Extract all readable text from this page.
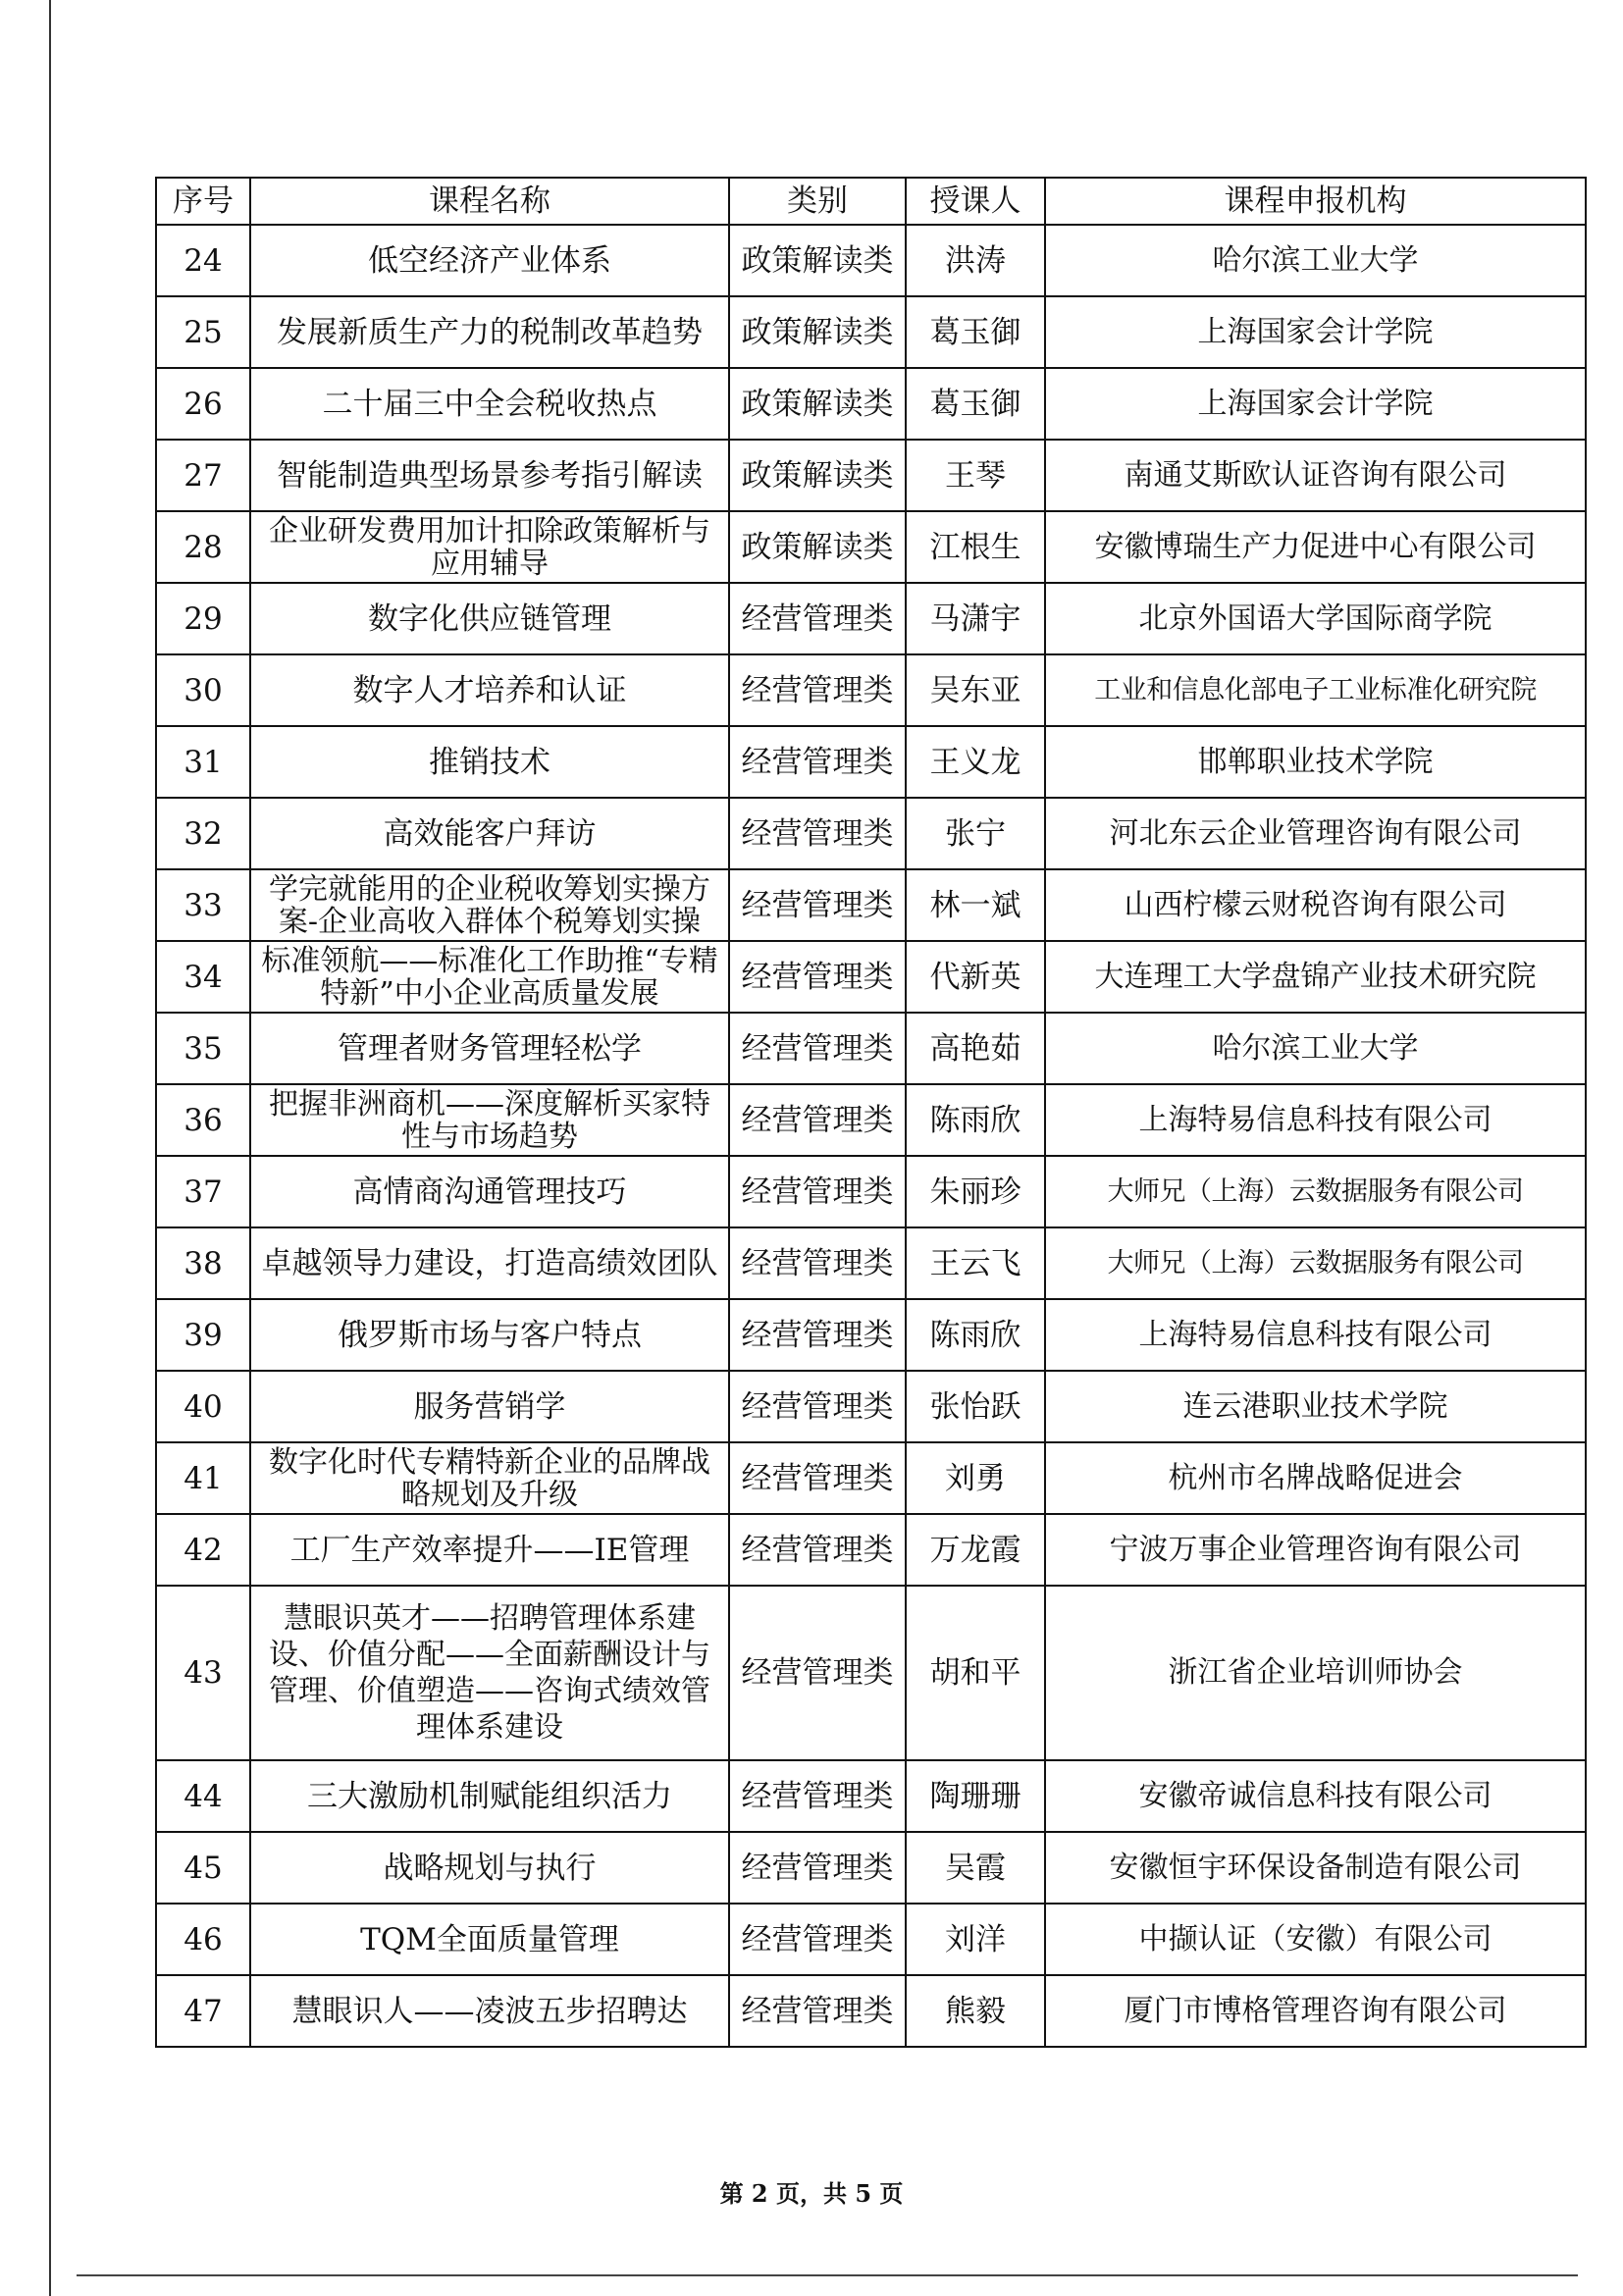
序号	课程名称	类别	授课人	课程申报机构
24	低空经济产业体系	政策解读类	洪涛	哈尔滨工业大学
25	发展新质生产力的税制改革趋势	政策解读类	葛玉御	上海国家会计学院
26	二十届三中全会税收热点	政策解读类	葛玉御	上海国家会计学院
27	智能制造典型场景参考指引解读	政策解读类	王琴	南通艾斯欧认证咨询有限公司
28	企业研发费用加计扣除政策解析与应用辅导	政策解读类	江根生	安徽博瑞生产力促进中心有限公司
29	数字化供应链管理	经营管理类	马潇宇	北京外国语大学国际商学院
30	数字人才培养和认证	经营管理类	吴东亚	工业和信息化部电子工业标准化研究院
31	推销技术	经营管理类	王义龙	邯郸职业技术学院
32	高效能客户拜访	经营管理类	张宁	河北东云企业管理咨询有限公司
33	学完就能用的企业税收筹划实操方案-企业高收入群体个税筹划实操	经营管理类	林一斌	山西柠檬云财税咨询有限公司
34	标准领航——标准化工作助推“专精特新”中小企业高质量发展	经营管理类	代新英	大连理工大学盘锦产业技术研究院
35	管理者财务管理轻松学	经营管理类	高艳茹	哈尔滨工业大学
36	把握非洲商机——深度解析买家特性与市场趋势	经营管理类	陈雨欣	上海特易信息科技有限公司
37	高情商沟通管理技巧	经营管理类	朱丽珍	大师兄（上海）云数据服务有限公司
38	卓越领导力建设，打造高绩效团队	经营管理类	王云飞	大师兄（上海）云数据服务有限公司
39	俄罗斯市场与客户特点	经营管理类	陈雨欣	上海特易信息科技有限公司
40	服务营销学	经营管理类	张怡跃	连云港职业技术学院
41	数字化时代专精特新企业的品牌战略规划及升级	经营管理类	刘勇	杭州市名牌战略促进会
42	工厂生产效率提升——IE管理	经营管理类	万龙霞	宁波万事企业管理咨询有限公司
43	慧眼识英才——招聘管理体系建设、价值分配——全面薪酬设计与管理、价值塑造——咨询式绩效管理体系建设	经营管理类	胡和平	浙江省企业培训师协会
44	三大激励机制赋能组织活力	经营管理类	陶珊珊	安徽帝诚信息科技有限公司
45	战略规划与执行	经营管理类	吴霞	安徽恒宇环保设备制造有限公司
46	TQM全面质量管理	经营管理类	刘洋	中撷认证（安徽）有限公司
47	慧眼识人——凌波五步招聘达	经营管理类	熊毅	厦门市博格管理咨询有限公司
第 2 页，共 5 页
